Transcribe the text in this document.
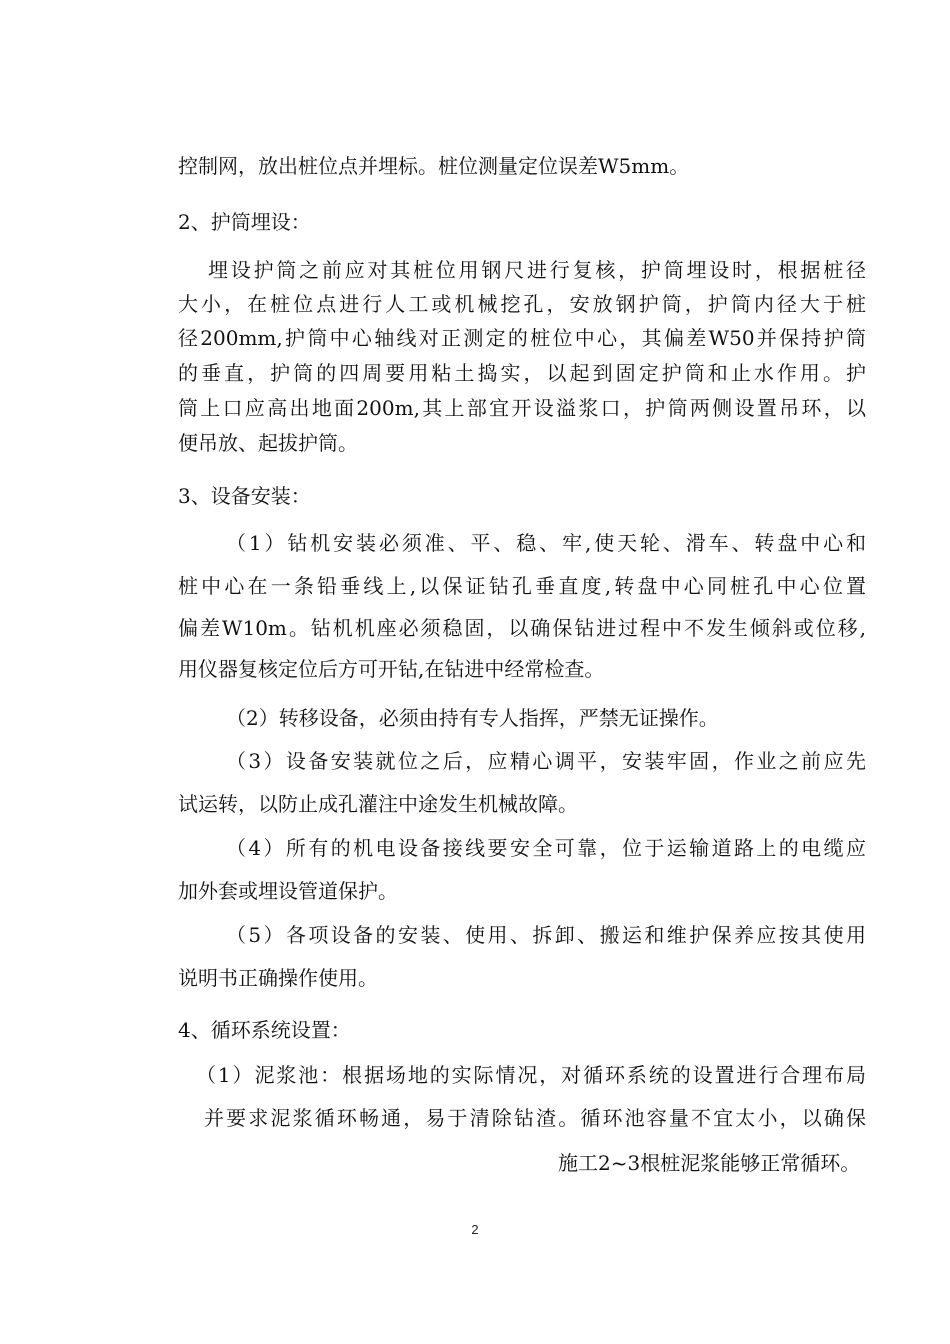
控制网，放出桩位点并埋标。桩位测量定位误差W5mm。
2、护筒埋设：
埋设护筒之前应对其桩位用钢尺进行复核，护筒埋设时，根据桩径
大小，在桩位点进行人工或机械挖孔，安放钢护筒，护筒内径大于桩
径200mm,护筒中心轴线对正测定的桩位中心，其偏差W50并保持护筒
的垂直，护筒的四周要用粘土捣实，以起到固定护筒和止水作用。护
筒上口应高出地面200m,其上部宜开设溢浆口，护筒两侧设置吊环，以
便吊放、起拔护筒。
3、设备安装：
（1）钻机安装必须准、平、稳、牢,使天轮、滑车、转盘中心和
桩中心在一条铅垂线上,以保证钻孔垂直度,转盘中心同桩孔中心位置
偏差W10m。钻机机座必须稳固，以确保钻进过程中不发生倾斜或位移,
用仪器复核定位后方可开钻,在钻进中经常检查。
（2）转移设备，必须由持有专人指挥，严禁无证操作。
（3）设备安装就位之后，应精心调平，安装牢固，作业之前应先
试运转，以防止成孔灌注中途发生机械故障。
（4）所有的机电设备接线要安全可靠，位于运输道路上的电缆应
加外套或埋设管道保护。
（5）各项设备的安装、使用、拆卸、搬运和维护保养应按其使用
说明书正确操作使用。
4、循环系统设置：
（1）泥浆池：根据场地的实际情况，对循环系统的设置进行合理布局
并要求泥浆循环畅通，易于清除钻渣。循环池容量不宜太小，以确保
施工2~3根桩泥浆能够正常循环。
2
